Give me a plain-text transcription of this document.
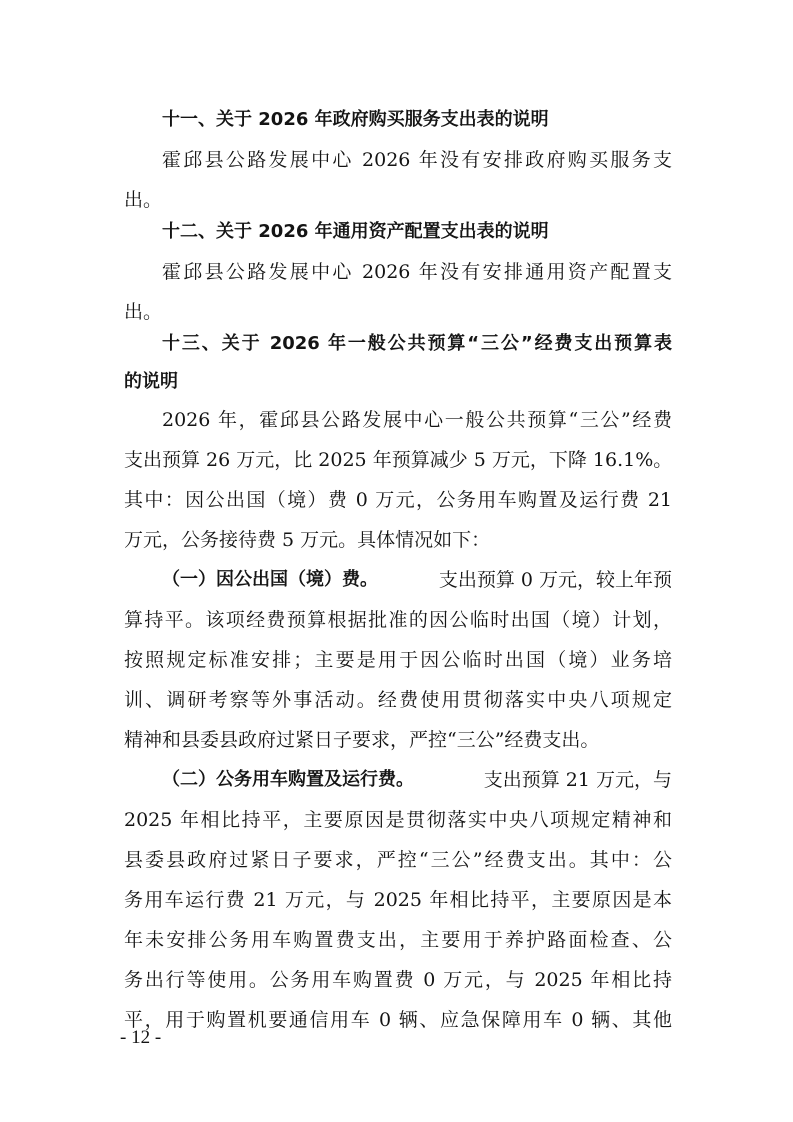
十一、关于 2026 年政府购买服务支出表的说明
霍邱县公路发展中心 2026 年没有安排政府购买服务支
出。
十二、关于 2026 年通用资产配置支出表的说明
霍邱县公路发展中心 2026 年没有安排通用资产配置支
出。
十三、关于 2026 年一般公共预算“三公”经费支出预算表
的说明
2026 年，霍邱县公路发展中心一般公共预算“三公”经费
支出预算 26 万元，比 2025 年预算减少 5 万元，下降 16.1%。
其中：因公出国（境）费 0 万元，公务用车购置及运行费 21
万元，公务接待费 5 万元。具体情况如下：
（一）因公出国（境）费。	支出预算 0 万元，较上年预
算持平。该项经费预算根据批准的因公临时出国（境）计划，
按照规定标准安排；主要是用于因公临时出国（境）业务培
训、调研考察等外事活动。经费使用贯彻落实中央八项规定
精神和县委县政府过紧日子要求，严控“三公”经费支出。
（二）公务用车购置及运行费。	支出预算 21 万元，与
2025 年相比持平，主要原因是贯彻落实中央八项规定精神和
县委县政府过紧日子要求，严控“三公”经费支出。其中：公
务用车运行费 21 万元，与 2025 年相比持平，主要原因是本
年未安排公务用车购置费支出，主要用于养护路面检查、公
务出行等使用。公务用车购置费 0 万元，与 2025 年相比持
平，用于购置机要通信用车 0 辆、应急保障用车 0 辆、其他
- 12 -
